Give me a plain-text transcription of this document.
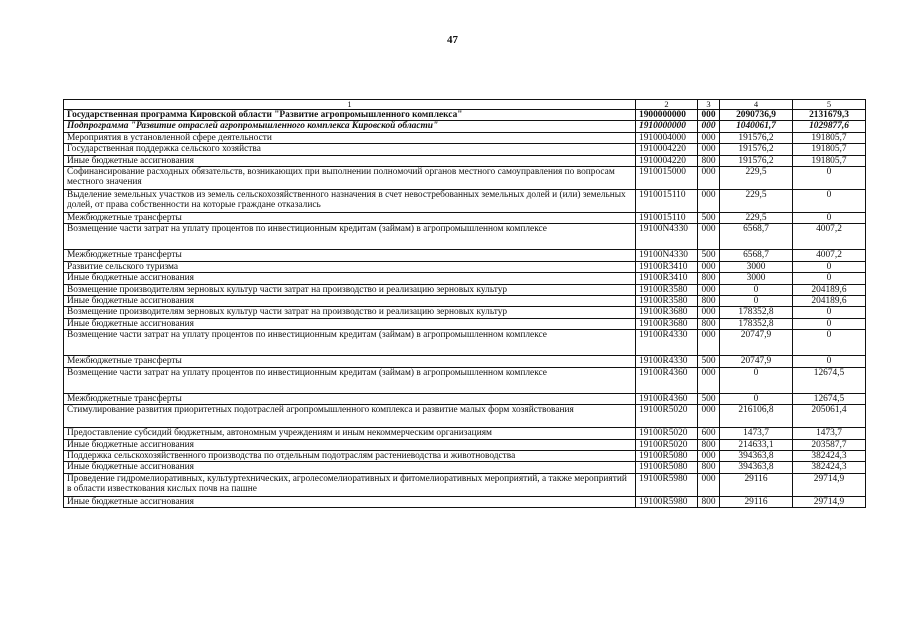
47
1	2	3	4	5
Государственная программа Кировской области "Развитие агропромышленного комплекса"	1900000000	000	2090736,9	2131679,3
Подпрограмма "Развитие отраслей агропромышленного комплекса Кировской области"	1910000000	000	1040061,7	1029877,6
Мероприятия в установленной сфере деятельности	1910004000	000	191576,2	191805,7
Государственная поддержка сельского хозяйства	1910004220	000	191576,2	191805,7
Иные бюджетные ассигнования	1910004220	800	191576,2	191805,7
Софинансирование расходных обязательств, возникающих при выполнении полномочий органов местного самоуправления по вопросам местного значения	1910015000	000	229,5	0
Выделение земельных участков из земель сельскохозяйственного назначения в счет невостребованных земельных долей и (или) земельных долей, от права собственности на которые граждане отказались	1910015110	000	229,5	0
Межбюджетные трансферты	1910015110	500	229,5	0
Возмещение части затрат на уплату процентов по инвестиционным кредитам (займам) в агропромышленном комплексе	19100N4330	000	6568,7	4007,2
Межбюджетные трансферты	19100N4330	500	6568,7	4007,2
Развитие сельского туризма	19100R3410	000	3000	0
Иные бюджетные ассигнования	19100R3410	800	3000	0
Возмещение производителям зерновых культур части затрат на производство и реализацию зерновых культур	19100R3580	000	0	204189,6
Иные бюджетные ассигнования	19100R3580	800	0	204189,6
Возмещение производителям зерновых культур части затрат на производство и реализацию зерновых культур	19100R3680	000	178352,8	0
Иные бюджетные ассигнования	19100R3680	800	178352,8	0
Возмещение части затрат на уплату процентов по инвестиционным кредитам (займам) в агропромышленном комплексе	19100R4330	000	20747,9	0
Межбюджетные трансферты	19100R4330	500	20747,9	0
Возмещение части затрат на уплату процентов по инвестиционным кредитам (займам) в агропромышленном комплексе	19100R4360	000	0	12674,5
Межбюджетные трансферты	19100R4360	500	0	12674,5
Стимулирование развития приоритетных подотраслей агропромышленного комплекса и развитие малых форм хозяйствования	19100R5020	000	216106,8	205061,4
Предоставление субсидий бюджетным, автономным учреждениям и иным некоммерческим организациям	19100R5020	600	1473,7	1473,7
Иные бюджетные ассигнования	19100R5020	800	214633,1	203587,7
Поддержка сельскохозяйственного производства по отдельным подотраслям растениеводства и животноводства	19100R5080	000	394363,8	382424,3
Иные бюджетные ассигнования	19100R5080	800	394363,8	382424,3
Проведение гидромелиоративных, культуртехнических, агролесомелиоративных и фитомелиоративных мероприятий, а также мероприятий в области известкования кислых почв на пашне	19100R5980	000	29116	29714,9
Иные бюджетные ассигнования	19100R5980	800	29116	29714,9
